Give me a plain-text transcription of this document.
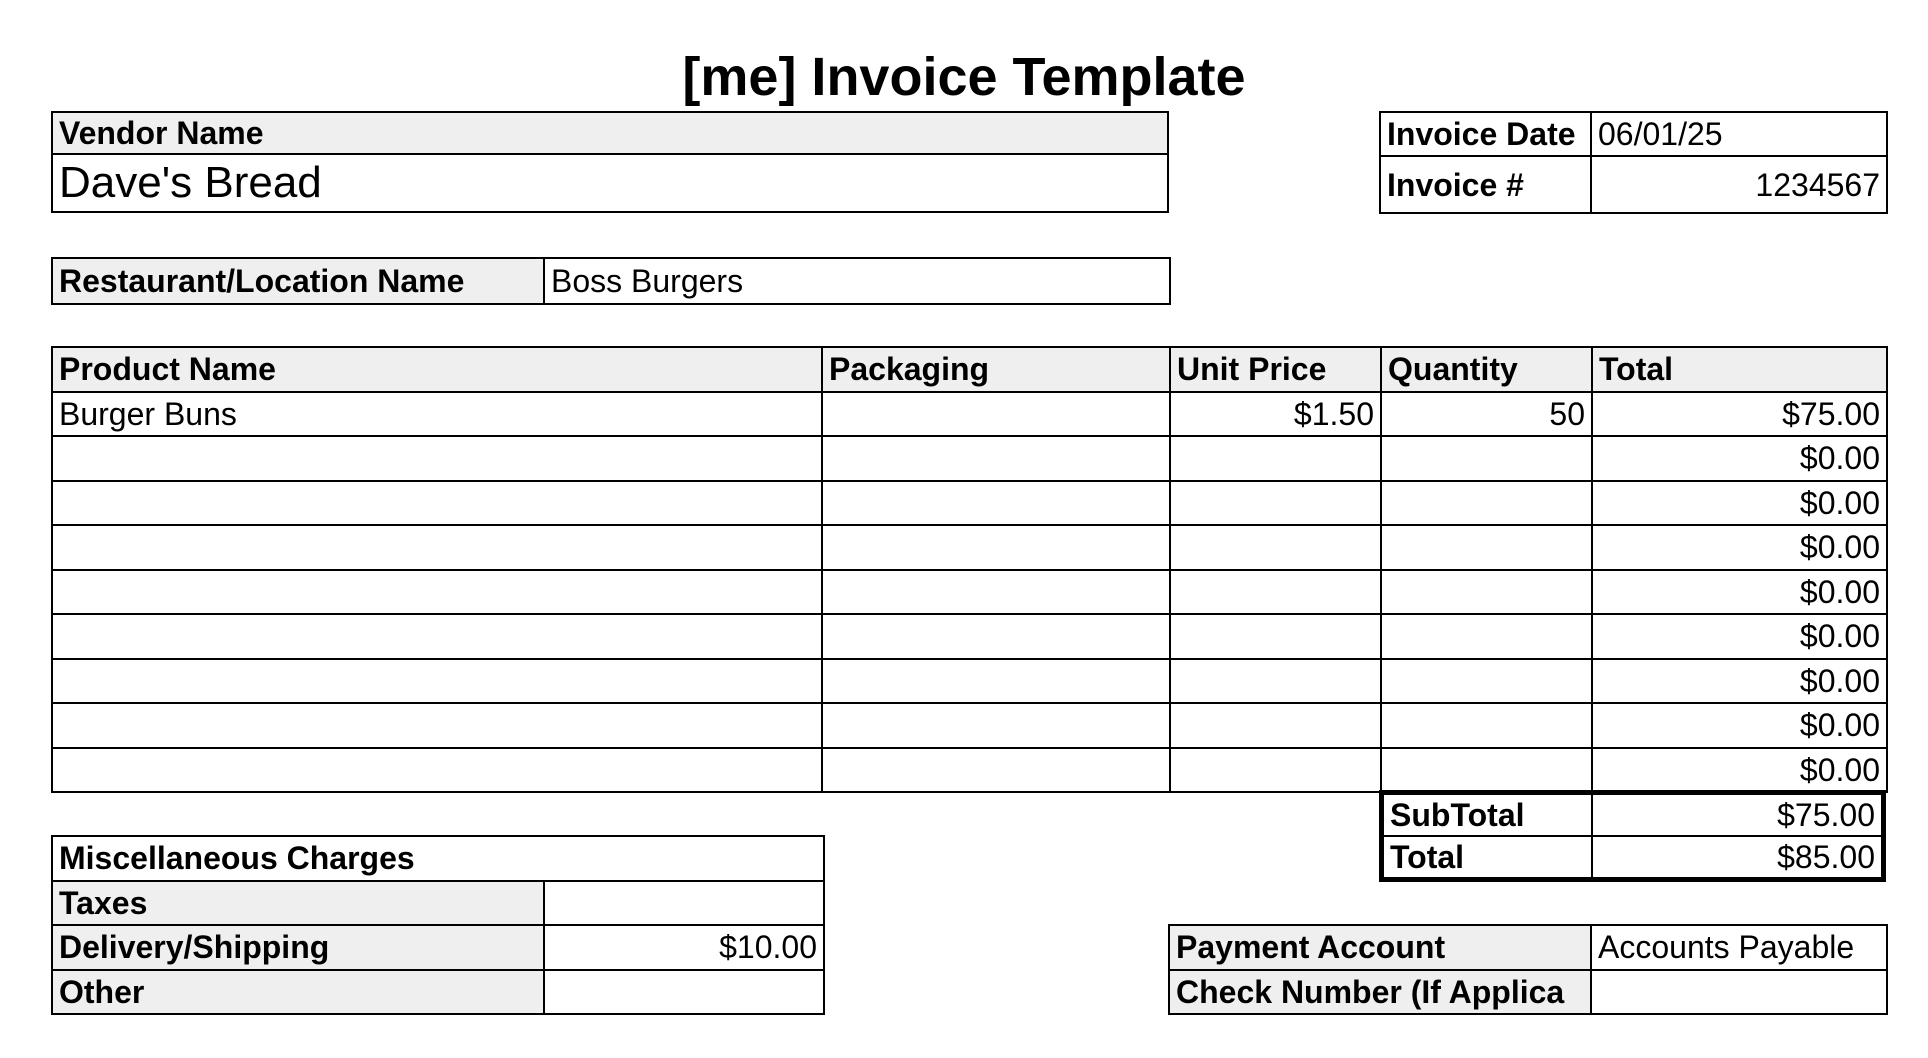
[me] Invoice Template
Vendor Name
Dave's Bread
Invoice Date	06/01/25
Invoice #	1234567
Restaurant/Location Name	Boss Burgers
Product Name	Packaging	Unit Price	Quantity	Total
Burger Buns		$1.50	50	$75.00
				$0.00
				$0.00
				$0.00
				$0.00
				$0.00
				$0.00
				$0.00
				$0.00
SubTotal	$75.00
Total	$85.00
Miscellaneous Charges	
Taxes	
Delivery/Shipping	$10.00
Other	
Payment Account	Accounts Payable
Check Number (If Applica	
